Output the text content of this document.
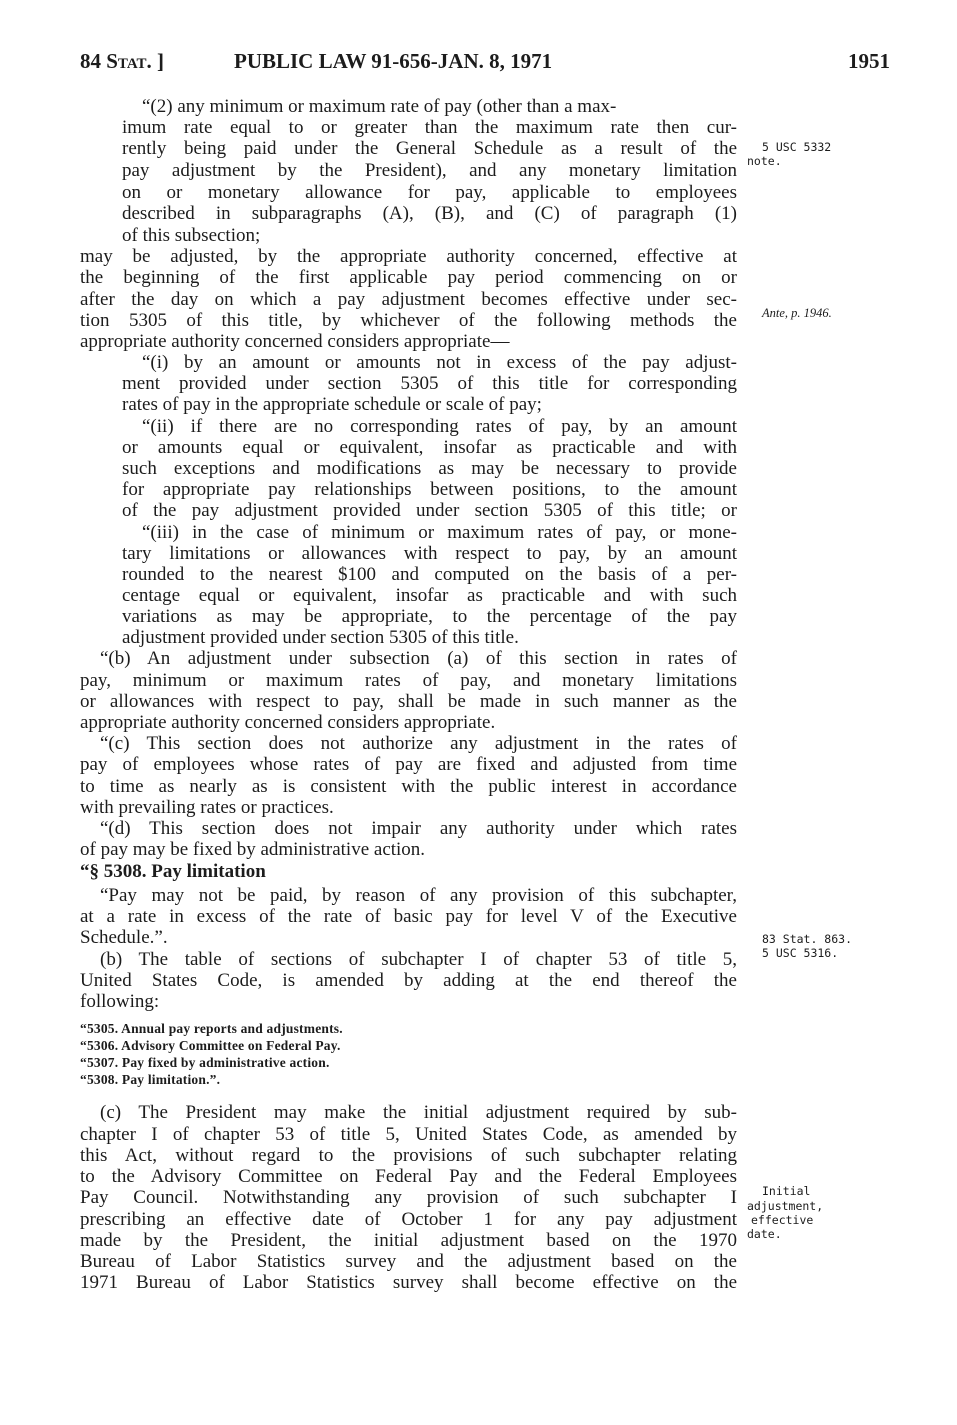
84 Stat. ]	PUBLIC LAW 91-656-JAN. 8, 1971	1951
“(2) any minimum or maximum rate of pay (other than a max-
imum rate equal to or greater than the maximum rate then cur-
rently being paid under the General Schedule as a result of the
pay adjustment by the President), and any monetary limitation
on or monetary allowance for pay, applicable to employees
described in subparagraphs (A), (B), and (C) of paragraph (1)
of this subsection;
may be adjusted, by the appropriate authority concerned, effective at
the beginning of the first applicable pay period commencing on or
after the day on which a pay adjustment becomes effective under sec-
tion 5305 of this title, by whichever of the following methods the
appropriate authority concerned considers appropriate—
“(i) by an amount or amounts not in excess of the pay adjust-
ment provided under section 5305 of this title for corresponding
rates of pay in the appropriate schedule or scale of pay;
“(ii) if there are no corresponding rates of pay, by an amount
or amounts equal or equivalent, insofar as practicable and with
such exceptions and modifications as may be necessary to provide
for appropriate pay relationships between positions, to the amount
of the pay adjustment provided under section 5305 of this title; or
“(iii) in the case of minimum or maximum rates of pay, or mone-
tary limitations or allowances with respect to pay, by an amount
rounded to the nearest $100 and computed on the basis of a per-
centage equal or equivalent, insofar as practicable and with such
variations as may be appropriate, to the percentage of the pay
adjustment provided under section 5305 of this title.
“(b) An adjustment under subsection (a) of this section in rates of
pay, minimum or maximum rates of pay, and monetary limitations
or allowances with respect to pay, shall be made in such manner as the
appropriate authority concerned considers appropriate.
“(c) This section does not authorize any adjustment in the rates of
pay of employees whose rates of pay are fixed and adjusted from time
to time as nearly as is consistent with the public interest in accordance
with prevailing rates or practices.
“(d) This section does not impair any authority under which rates
of pay may be fixed by administrative action.
“§ 5308. Pay limitation
“Pay may not be paid, by reason of any provision of this subchapter,
at a rate in excess of the rate of basic pay for level V of the Executive
Schedule.”.
(b) The table of sections of subchapter I of chapter 53 of title 5,
United States Code, is amended by adding at the end thereof the
following:
“5305. Annual pay reports and adjustments.
“5306. Advisory Committee on Federal Pay.
“5307. Pay fixed by administrative action.
“5308. Pay limitation.”.
(c) The President may make the initial adjustment required by sub-
chapter I of chapter 53 of title 5, United States Code, as amended by
this Act, without regard to the provisions of such subchapter relating
to the Advisory Committee on Federal Pay and the Federal Employees
Pay Council. Notwithstanding any provision of such subchapter I
prescribing an effective date of October 1 for any pay adjustment
made by the President, the initial adjustment based on the 1970
Bureau of Labor Statistics survey and the adjustment based on the
1971 Bureau of Labor Statistics survey shall become effective on the
5 USC 5332
note.
Ante, p. 1946.
83 Stat. 863.
5 USC 5316.
Initial
adjustment,
effective
date.
